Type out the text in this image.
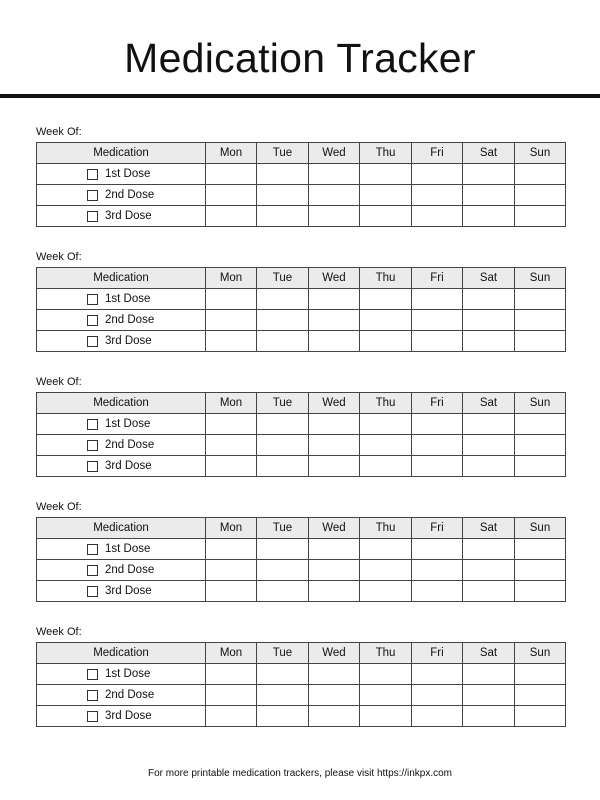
Medication Tracker
Week Of:
Medication	Mon	Tue	Wed	Thu	Fri	Sat	Sun

1st Dose							

2nd Dose							

3rd Dose							

Week Of:
Medication	Mon	Tue	Wed	Thu	Fri	Sat	Sun

1st Dose							

2nd Dose							

3rd Dose							

Week Of:
Medication	Mon	Tue	Wed	Thu	Fri	Sat	Sun

1st Dose							

2nd Dose							

3rd Dose							

Week Of:
Medication	Mon	Tue	Wed	Thu	Fri	Sat	Sun

1st Dose							

2nd Dose							

3rd Dose							

Week Of:
Medication	Mon	Tue	Wed	Thu	Fri	Sat	Sun

1st Dose							

2nd Dose							

3rd Dose							

For more printable medication trackers, please visit https://inkpx.com
